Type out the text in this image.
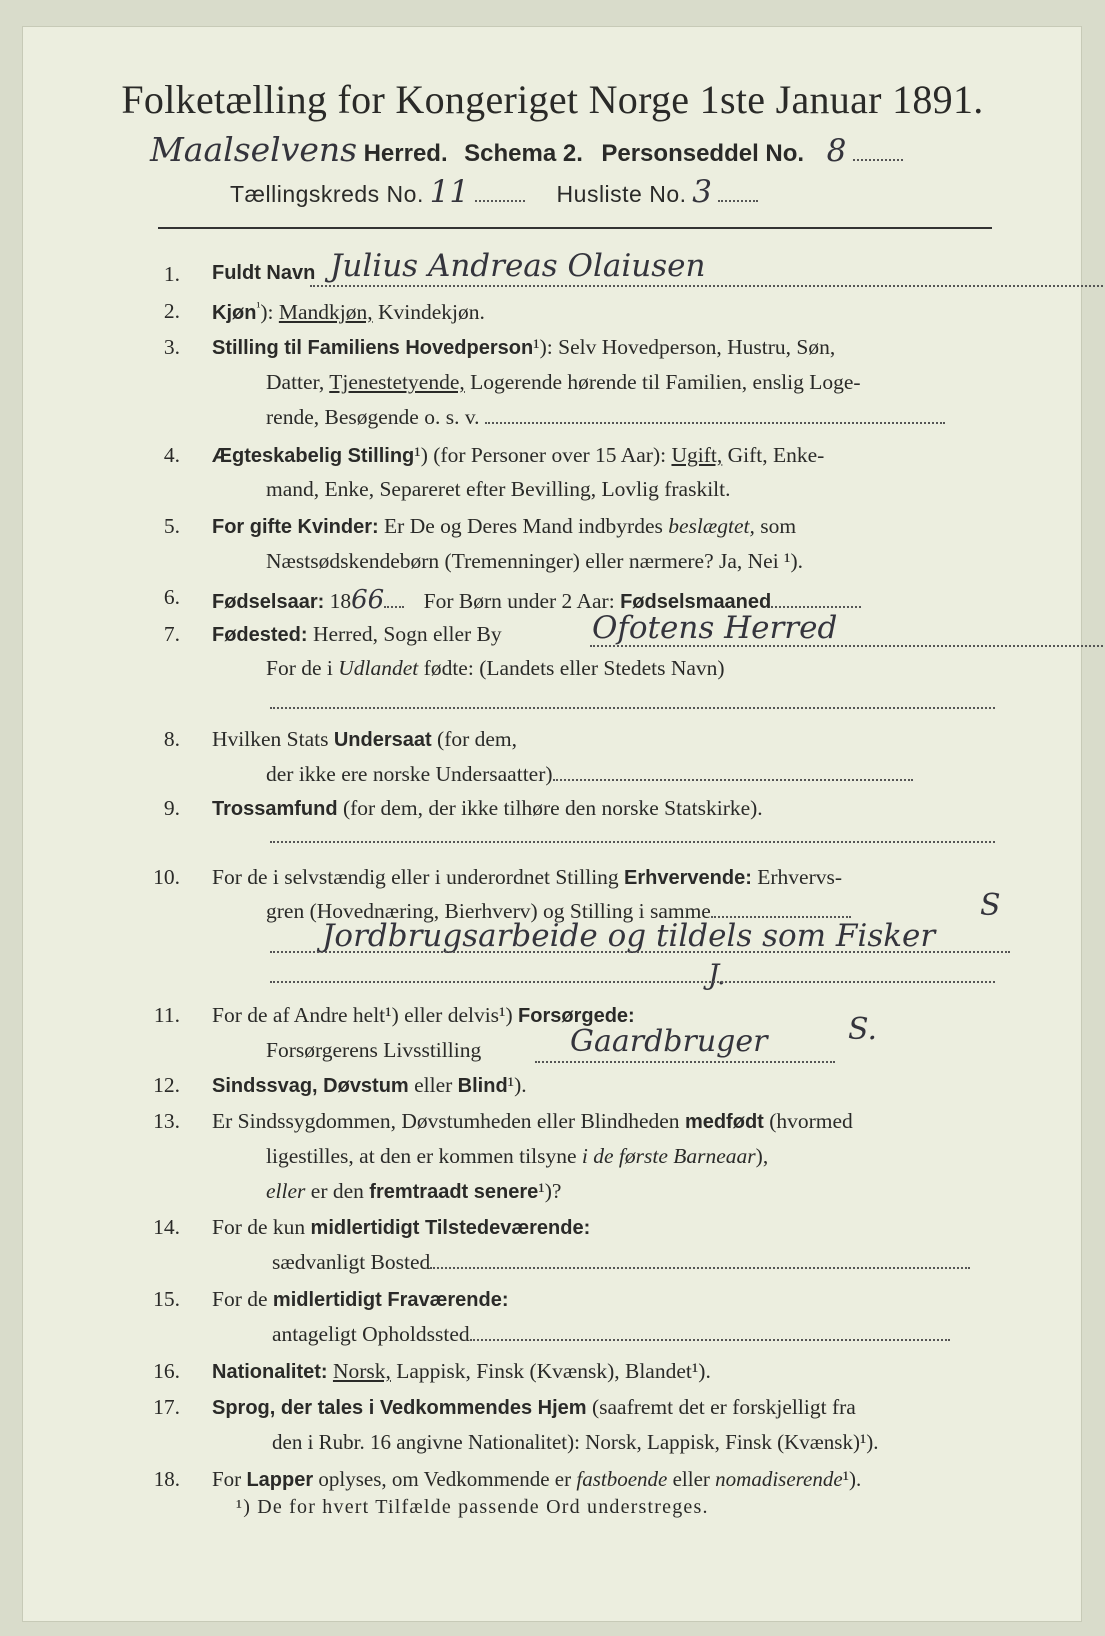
Folketælling for Kongeriget Norge 1ste Januar 1891.
Maalselvens Herred. Schema 2. Personseddel No. 8
Tællingskreds No. 11	Husliste No. 3
1. Fuldt Navn Julius Andreas Olaiusen
2. Kjøn$^{^1}$): Mandkjøn, Kvindekjøn.
3. Stilling til Familiens Hovedperson¹): Selv Hovedperson, Hustru, Søn,
Datter, Tjenestetyende, Logerende hørende til Familien, enslig Loge-
rende, Besøgende o. s. v.
4. Ægteskabelig Stilling¹) (for Personer over 15 Aar): Ugift, Gift, Enke-
mand, Enke, Separeret efter Bevilling, Lovlig fraskilt.
5. For gifte Kvinder: Er De og Deres Mand indbyrdes beslægtet, som
Næstsødskendebørn (Tremenninger) eller nærmere? Ja, Nei ¹).
6. Fødselsaar: 1866 For Børn under 2 Aar: Fødselsmaaned
7. Fødested: Herred, Sogn eller By	Ofotens Herred
For de i Udlandet fødte: (Landets eller Stedets Navn)
8. Hvilken Stats Undersaat (for dem,
der ikke ere norske Undersaatter)
9. Trossamfund (for dem, der ikke tilhøre den norske Statskirke).
10. For de i selvstændig eller i underordnet Stilling Erhvervende: Erhvervs-
gren (Hovednæring, Bierhverv) og Stilling i samme	S
Jordbrugsarbeide og tildels som Fisker
J.
11. For de af Andre helt¹) eller delvis¹) Forsørgede:
Forsørgerens Livsstilling	Gaardbruger	S.
12. Sindssvag, Døvstum eller Blind¹).
13. Er Sindssygdommen, Døvstumheden eller Blindheden medfødt (hvormed
ligestilles, at den er kommen tilsyne i de første Barneaar),
eller er den fremtraadt senere¹)?
14. For de kun midlertidigt Tilstedeværende:
sædvanligt Bosted
15. For de midlertidigt Fraværende:
antageligt Opholdssted
16. Nationalitet: Norsk, Lappisk, Finsk (Kvænsk), Blandet¹).
17. Sprog, der tales i Vedkommendes Hjem (saafremt det er forskjelligt fra
den i Rubr. 16 angivne Nationalitet): Norsk, Lappisk, Finsk (Kvænsk)¹).
18. For Lapper oplyses, om Vedkommende er fastboende eller nomadiserende¹).
¹) De for hvert Tilfælde passende Ord understreges.
